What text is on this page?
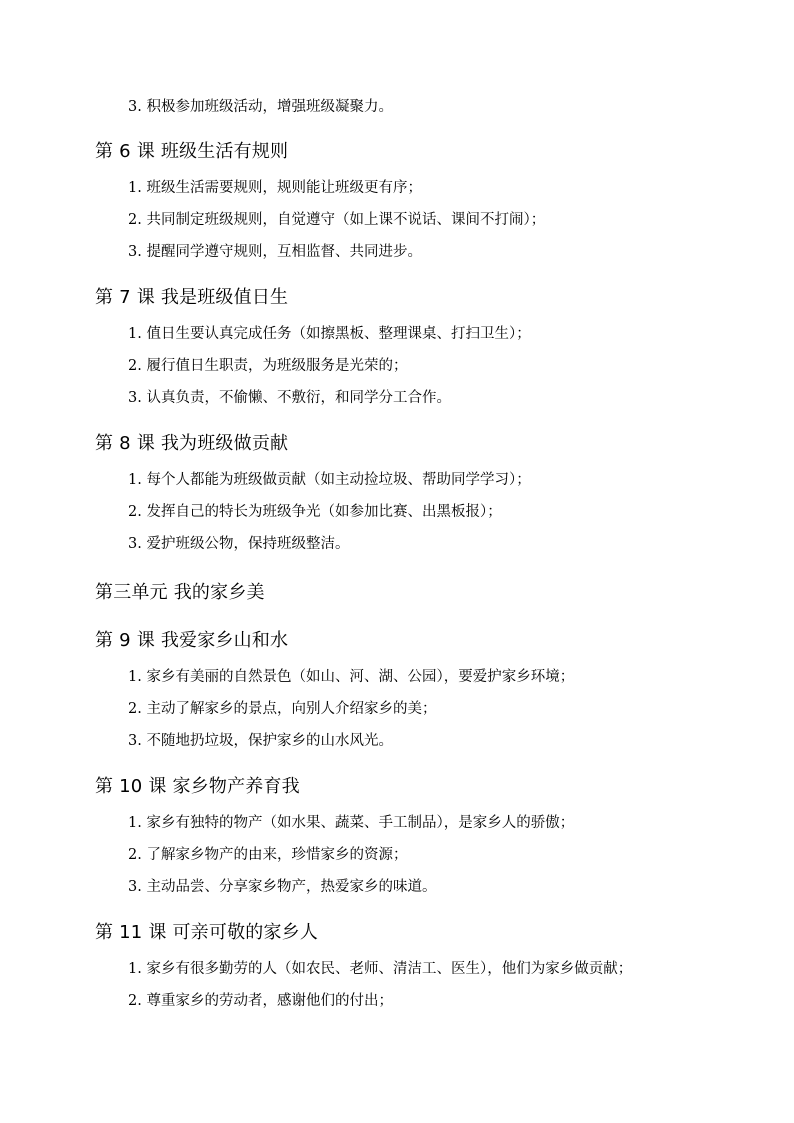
3. 积极参加班级活动，增强班级凝聚力。
第 6 课 班级生活有规则
1. 班级生活需要规则，规则能让班级更有序；
2. 共同制定班级规则，自觉遵守（如上课不说话、课间不打闹）；
3. 提醒同学遵守规则，互相监督、共同进步。
第 7 课 我是班级值日生
1. 值日生要认真完成任务（如擦黑板、整理课桌、打扫卫生）；
2. 履行值日生职责，为班级服务是光荣的；
3. 认真负责，不偷懒、不敷衍，和同学分工合作。
第 8 课 我为班级做贡献
1. 每个人都能为班级做贡献（如主动捡垃圾、帮助同学学习）；
2. 发挥自己的特长为班级争光（如参加比赛、出黑板报）；
3. 爱护班级公物，保持班级整洁。
第三单元 我的家乡美
第 9 课 我爱家乡山和水
1. 家乡有美丽的自然景色（如山、河、湖、公园），要爱护家乡环境；
2. 主动了解家乡的景点，向别人介绍家乡的美；
3. 不随地扔垃圾，保护家乡的山水风光。
第 10 课 家乡物产养育我
1. 家乡有独特的物产（如水果、蔬菜、手工制品），是家乡人的骄傲；
2. 了解家乡物产的由来，珍惜家乡的资源；
3. 主动品尝、分享家乡物产，热爱家乡的味道。
第 11 课 可亲可敬的家乡人
1. 家乡有很多勤劳的人（如农民、老师、清洁工、医生），他们为家乡做贡献；
2. 尊重家乡的劳动者，感谢他们的付出；
